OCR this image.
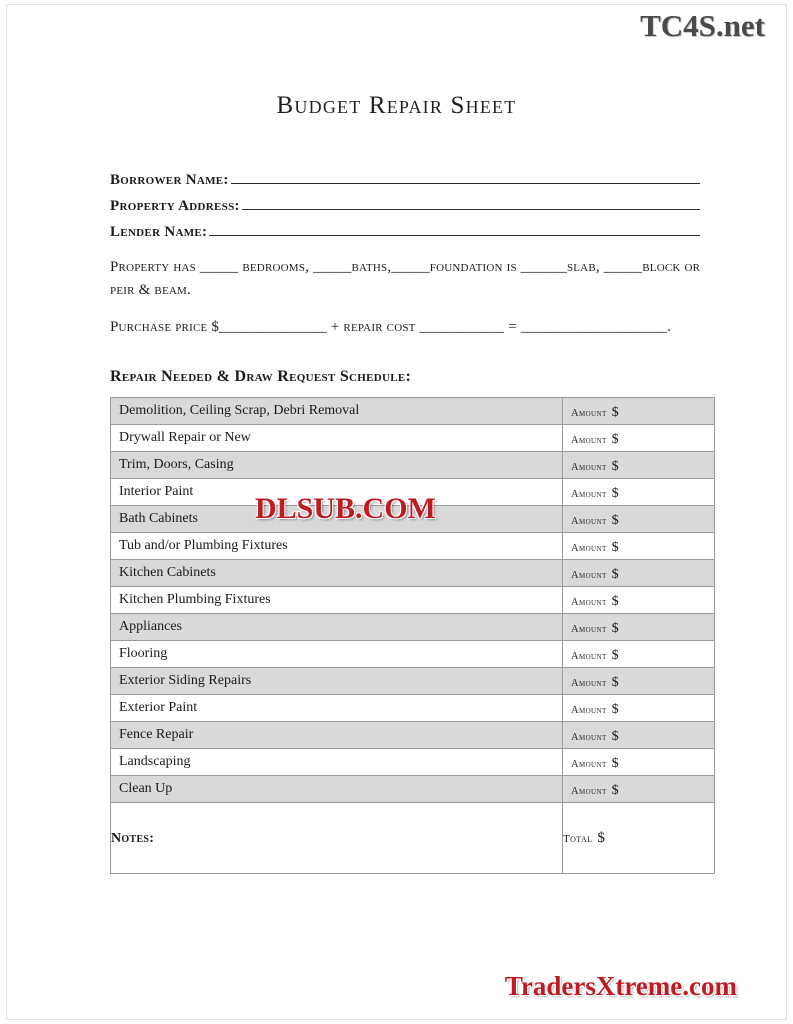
TC4S.net
Budget Repair Sheet
Borrower Name:
Property Address:
Lender Name:
Property has _____ bedrooms, _____baths,_____foundation is ______slab, _____block or peir & beam.
Purchase price $______________ + repair cost ___________ = ___________________.
Repair Needed & Draw Request Schedule:
Demolition, Ceiling Scrap, Debri Removal	Amount $

Drywall Repair or New	Amount $

Trim, Doors, Casing	Amount $

Interior Paint	Amount $

Bath Cabinets	Amount $

Tub and/or Plumbing Fixtures	Amount $

Kitchen Cabinets	Amount $

Kitchen Plumbing Fixtures	Amount $

Appliances	Amount $

Flooring	Amount $

Exterior Siding Repairs	Amount $

Exterior Paint	Amount $

Fence Repair	Amount $

Landscaping	Amount $

Clean Up	Amount $

Notes:	Total $
DLSUB.COM
TradersXtreme.com
